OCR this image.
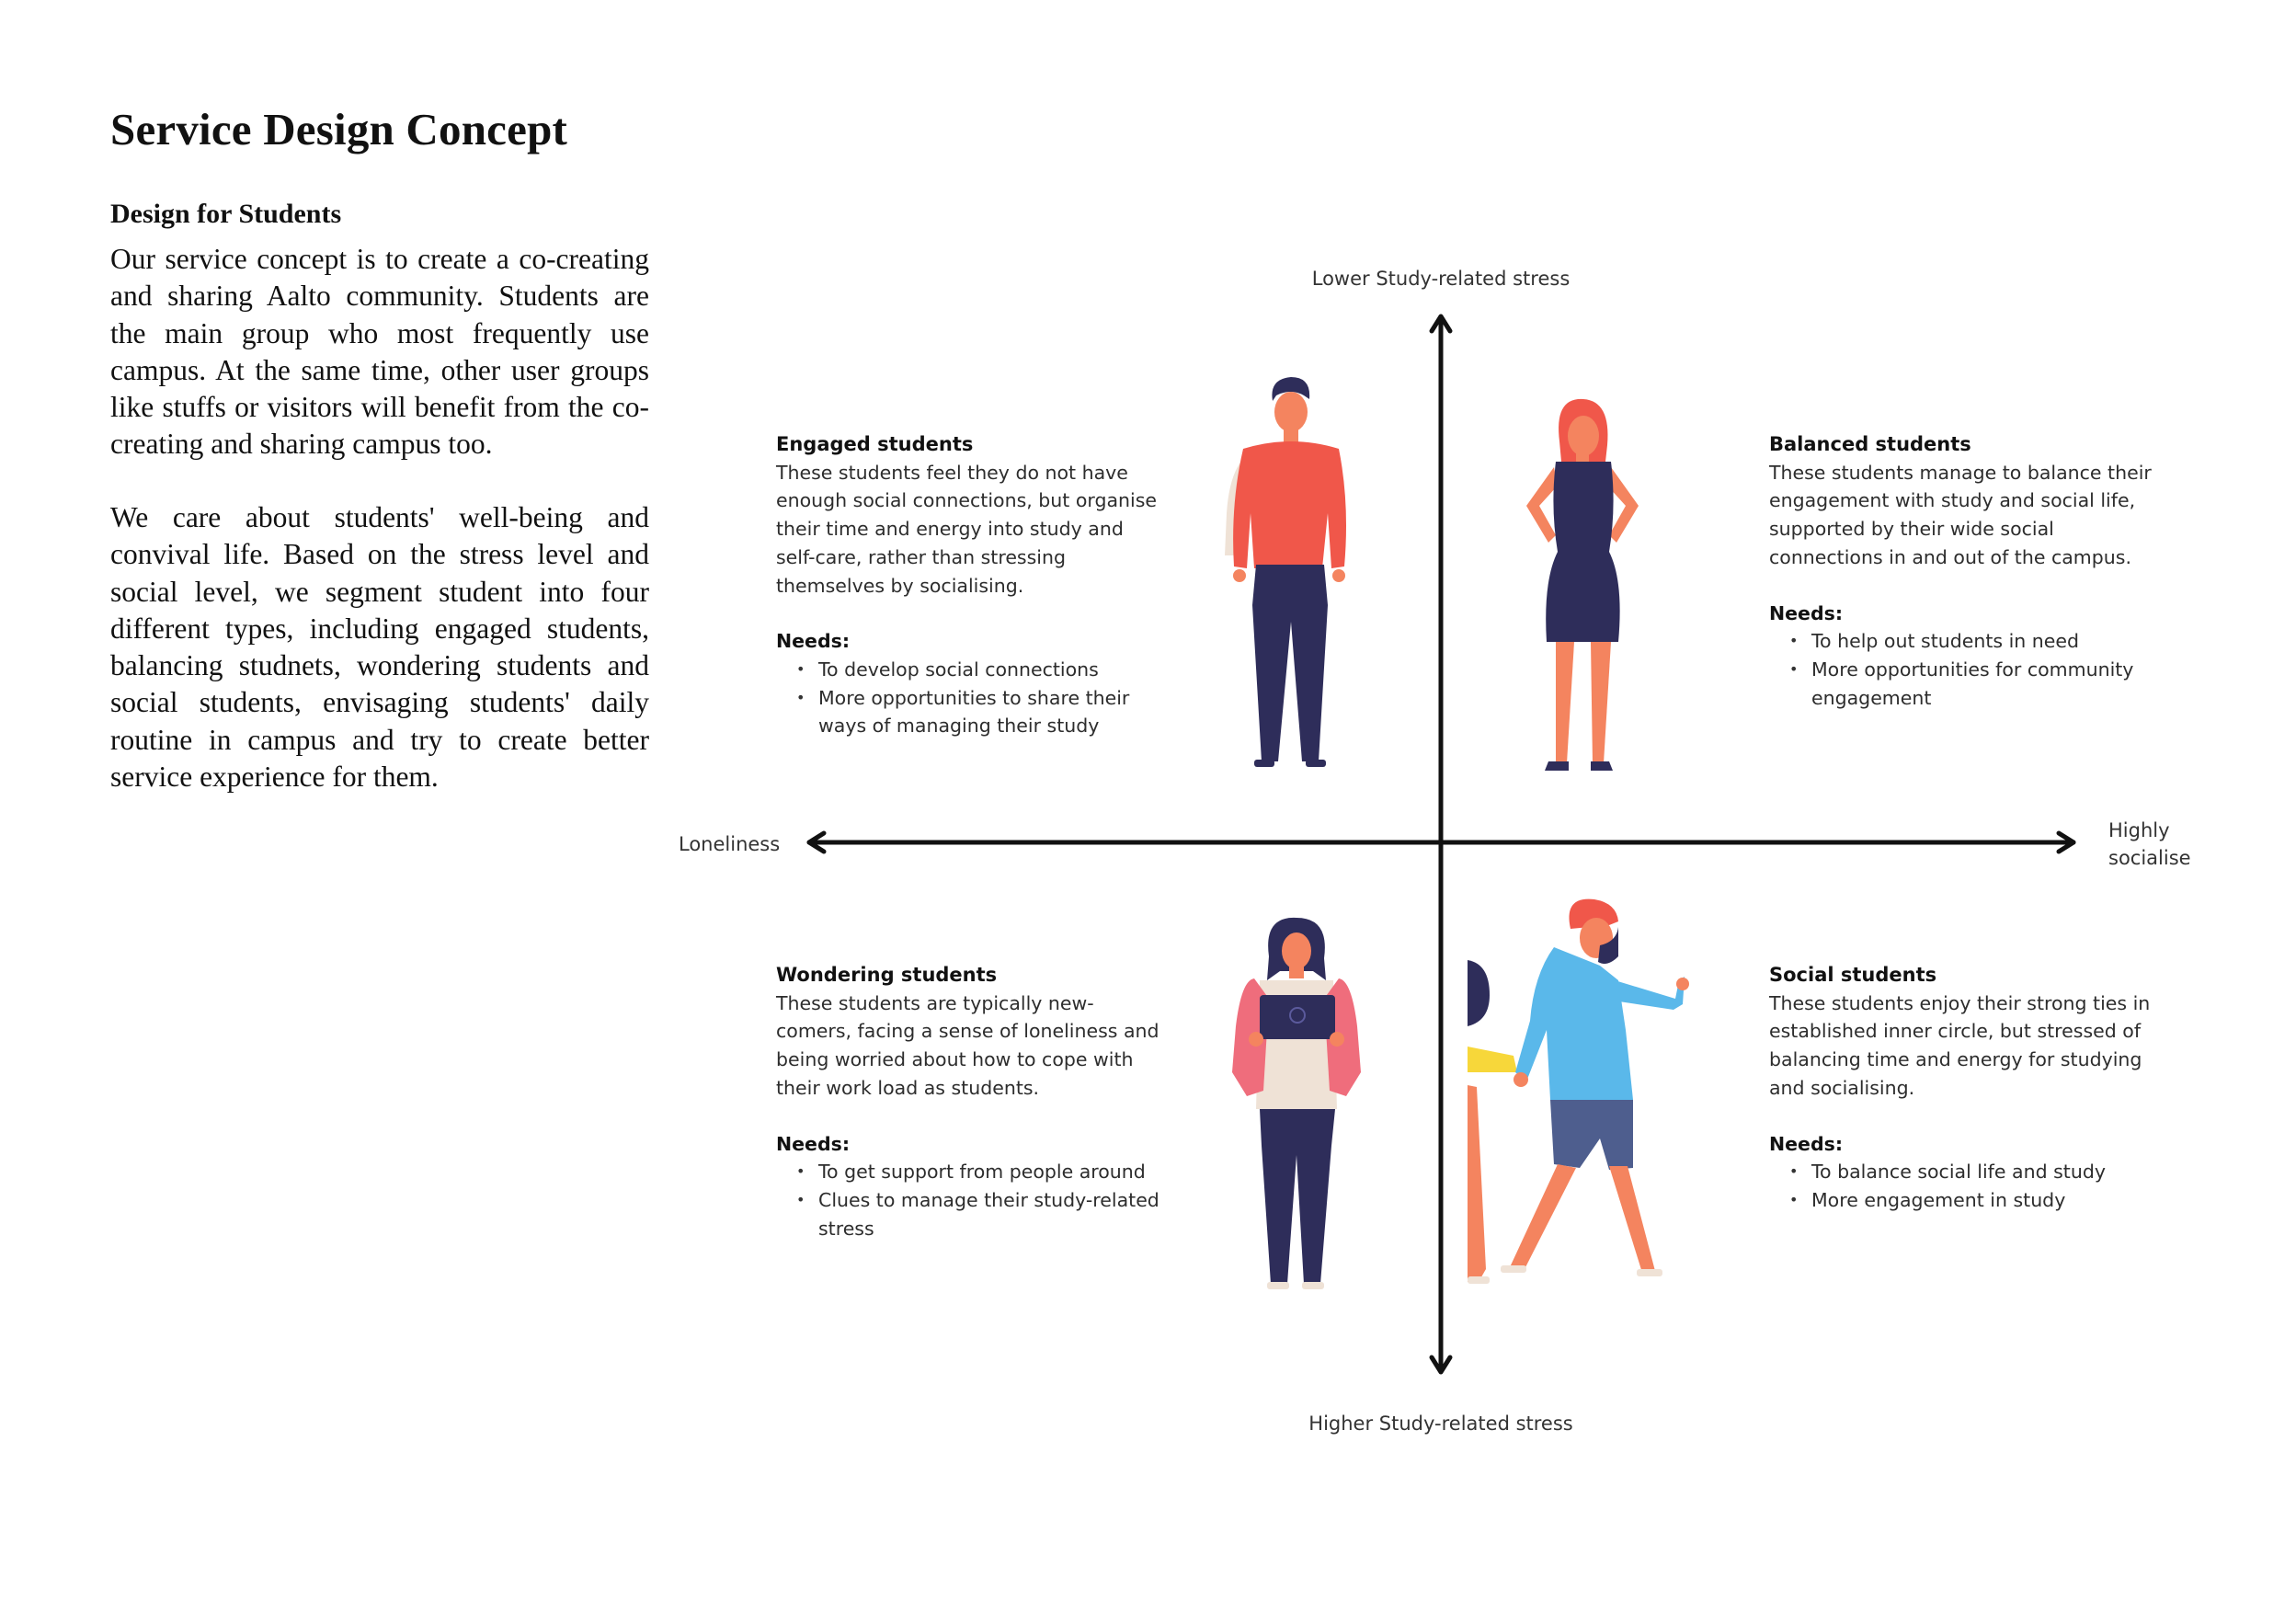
Service Design Concept
Design for Students

Our service concept is to create a co-creating and sharing Aalto community. Students are the main group who most frequently use campus. At the same time, other user groups like stuffs or visitors will benefit from the co-creating and sharing campus too.

We care about students' well-being and convival life. Based on the stress level and social level, we segment student into four different types, including engaged students, balancing studnets, wondering students and social students, envisaging students' daily routine in campus and try to create better service experience for them.

Lower Study-related stress
Higher Study-related stress
Loneliness
Highly socialise
Engaged students

These students feel they do not have enough social connections, but organise their time and energy into study and self-care, rather than stressing themselves by socialising.

Needs:

• To develop social connections
• More opportunities to share their ways of managing their study
Balanced students

These students manage to balance their engagement with study and social life, supported by their wide social connections in and out of the campus.

Needs:

• To help out students in need
• More opportunities for community engagement
Wondering students

These students are typically new-comers, facing a sense of loneliness and being worried about how to cope with their work load as students.

Needs:

• To get support from people around
• Clues to manage their study-related stress
Social students

These students enjoy their strong ties in established inner circle, but stressed of balancing time and energy for studying and socialising.

Needs:

• To balance social life and study
• More engagement in study
